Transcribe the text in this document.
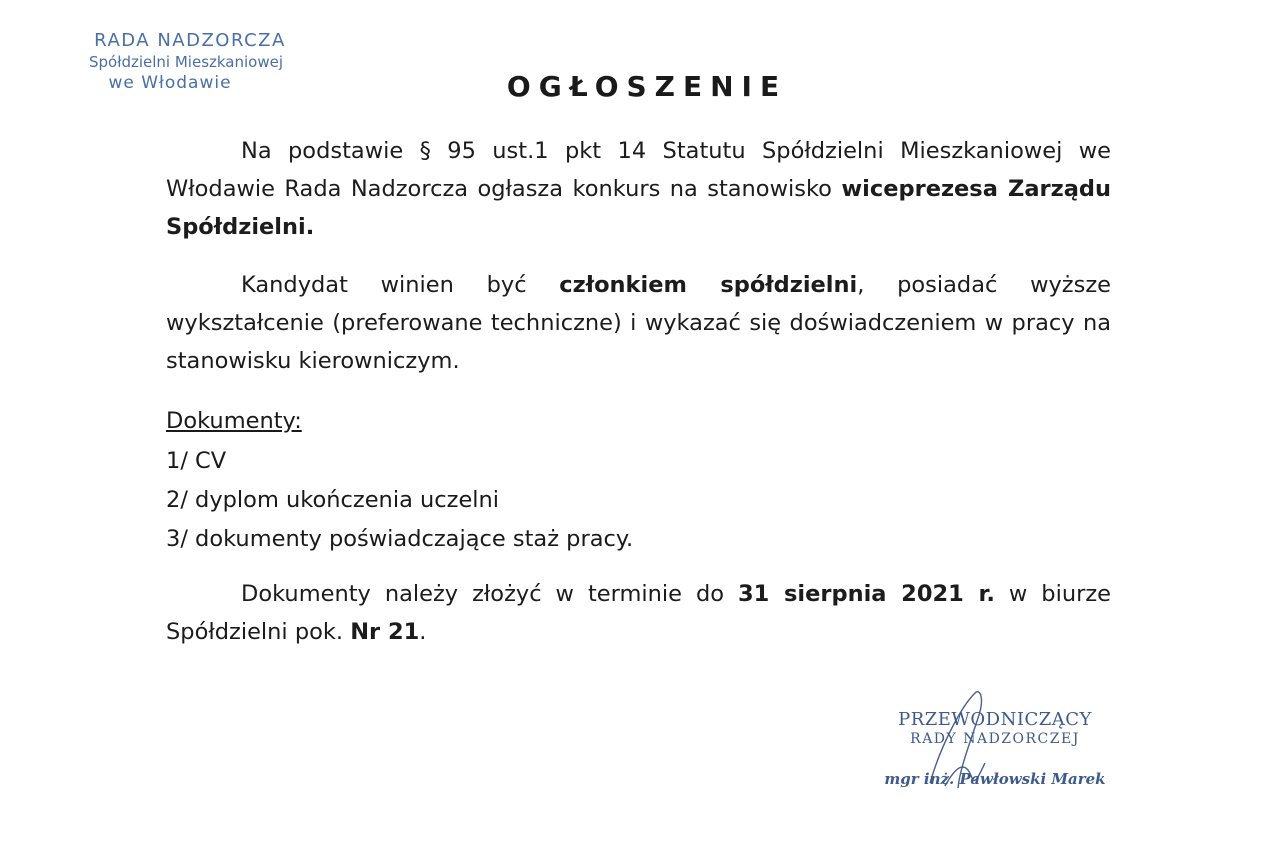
RADA NADZORCZA
Spółdzielni Mieszkaniowej
we Włodawie	OGŁOSZENIE

Na podstawie § 95 ust.1 pkt 14 Statutu Spółdzielni Mieszkaniowej we Włodawie Rada Nadzorcza ogłasza konkurs na stanowisko wiceprezesa Zarządu Spółdzielni.

Kandydat winien być członkiem spółdzielni, posiadać wyższe wykształcenie (preferowane techniczne) i wykazać się doświadczeniem w pracy na stanowisku kierowniczym.

Dokumenty:
1/ CV
2/ dyplom ukończenia uczelni
3/ dokumenty poświadczające staż pracy.

Dokumenty należy złożyć w terminie do 31 sierpnia 2021 r. w biurze Spółdzielni pok. Nr 21.

PRZEWODNICZĄCY
RADY NADZORCZEJ
mgr inż. Pawłowski Marek
